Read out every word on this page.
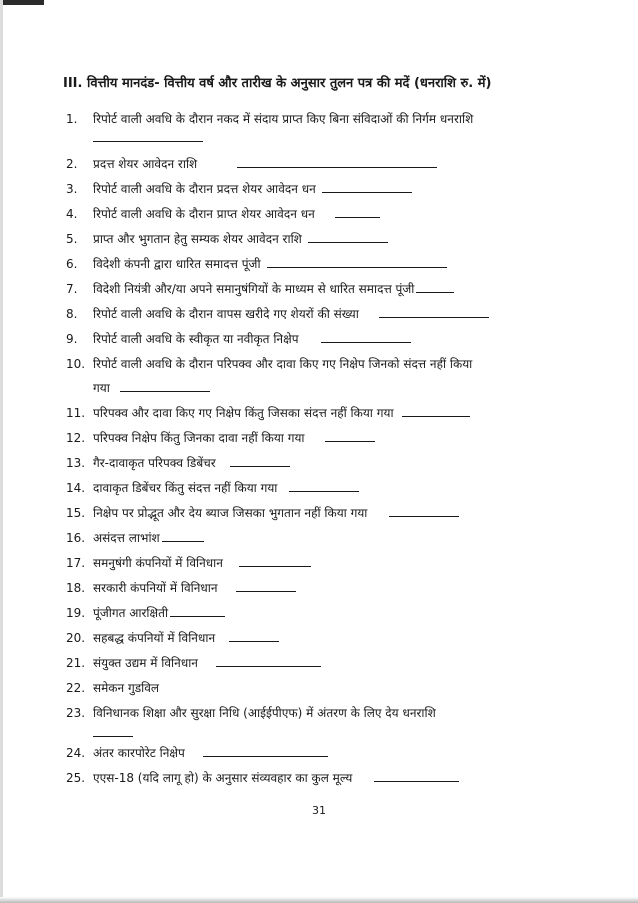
III. वित्तीय मानदंड- वित्तीय वर्ष और तारीख के अनुसार तुलन पत्र की मदें (धनराशि रु. में)
1. रिपोर्ट वाली अवधि के दौरान नकद में संदाय प्राप्त किए बिना संविदाओं की निर्गम धनराशि
2. प्रदत्त शेयर आवेदन राशि
3. रिपोर्ट वाली अवधि के दौरान प्रदत्त शेयर आवेदन धन
4. रिपोर्ट वाली अवधि के दौरान प्राप्त शेयर आवेदन धन
5. प्राप्त और भुगतान हेतु सम्यक शेयर आवेदन राशि
6. विदेशी कंपनी द्वारा धारित समादत्त पूंजी
7. विदेशी नियंत्री और/या अपने समानुषंगियों के माध्यम से धारित समादत्त पूंजी
8. रिपोर्ट वाली अवधि के दौरान वापस खरीदे गए शेयरों की संख्या
9. रिपोर्ट वाली अवधि के स्वीकृत या नवीकृत निक्षेप
10. रिपोर्ट वाली अवधि के दौरान परिपक्व और दावा किए गए निक्षेप जिनको संदत्त नहीं किया
गया
11. परिपक्व और दावा किए गए निक्षेप किंतु जिसका संदत्त नहीं किया गया
12. परिपक्व निक्षेप किंतु जिनका दावा नहीं किया गया
13. गैर-दावाकृत परिपक्व डिबेंचर
14. दावाकृत डिबेंचर किंतु संदत्त नहीं किया गया
15. निक्षेप पर प्रोद्भूत और देय ब्याज जिसका भुगतान नहीं किया गया
16. असंदत्त लाभांश
17. समनुषंगी कंपनियों में विनिधान
18. सरकारी कंपनियों में विनिधान
19. पूंजीगत आरक्षिती
20. सहबद्ध कंपनियों में विनिधान
21. संयुक्त उद्यम में विनिधान
22. समेकन गुडविल
23. विनिधानक शिक्षा और सुरक्षा निधि (आईईपीएफ) में अंतरण के लिए देय धनराशि
24. अंतर कारपोरेट निक्षेप
25. एएस-18 (यदि लागू हो) के अनुसार संव्यवहार का कुल मूल्य
31
